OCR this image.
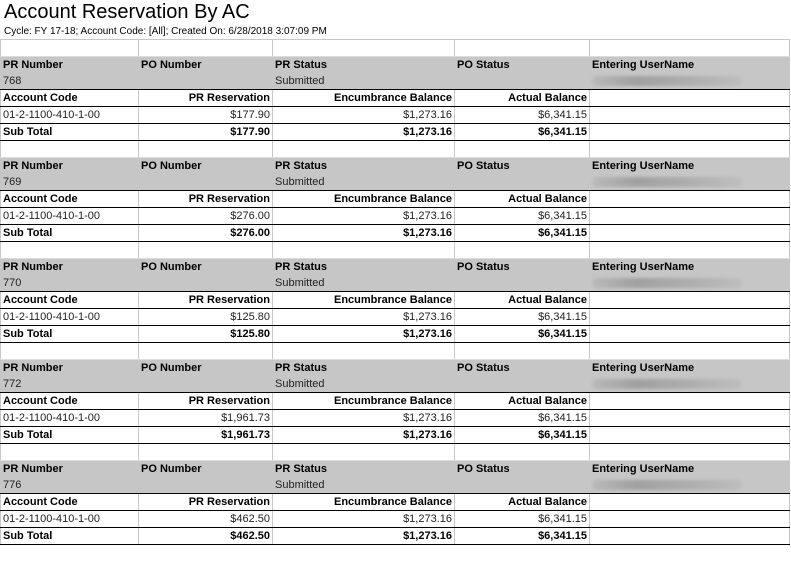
Account Reservation By AC
Cycle: FY 17-18; Account Code: [All]; Created On: 6/28/2018 3:07:09 PM

PR Number	PO Number	PR Status	PO Status	Entering UserName
768		Submitted		
Account Code	PR Reservation	Encumbrance Balance	Actual Balance	
01-2-1100-410-1-00	$177.90	$1,273.16	$6,341.15	
Sub Total	$177.90	$1,273.16	$6,341.15	

PR Number	PO Number	PR Status	PO Status	Entering UserName
769		Submitted		
Account Code	PR Reservation	Encumbrance Balance	Actual Balance	
01-2-1100-410-1-00	$276.00	$1,273.16	$6,341.15	
Sub Total	$276.00	$1,273.16	$6,341.15	

PR Number	PO Number	PR Status	PO Status	Entering UserName
770		Submitted		
Account Code	PR Reservation	Encumbrance Balance	Actual Balance	
01-2-1100-410-1-00	$125.80	$1,273.16	$6,341.15	
Sub Total	$125.80	$1,273.16	$6,341.15	

PR Number	PO Number	PR Status	PO Status	Entering UserName
772		Submitted		
Account Code	PR Reservation	Encumbrance Balance	Actual Balance	
01-2-1100-410-1-00	$1,961.73	$1,273.16	$6,341.15	
Sub Total	$1,961.73	$1,273.16	$6,341.15	

PR Number	PO Number	PR Status	PO Status	Entering UserName
776		Submitted		
Account Code	PR Reservation	Encumbrance Balance	Actual Balance	
01-2-1100-410-1-00	$462.50	$1,273.16	$6,341.15	
Sub Total	$462.50	$1,273.16	$6,341.15	
